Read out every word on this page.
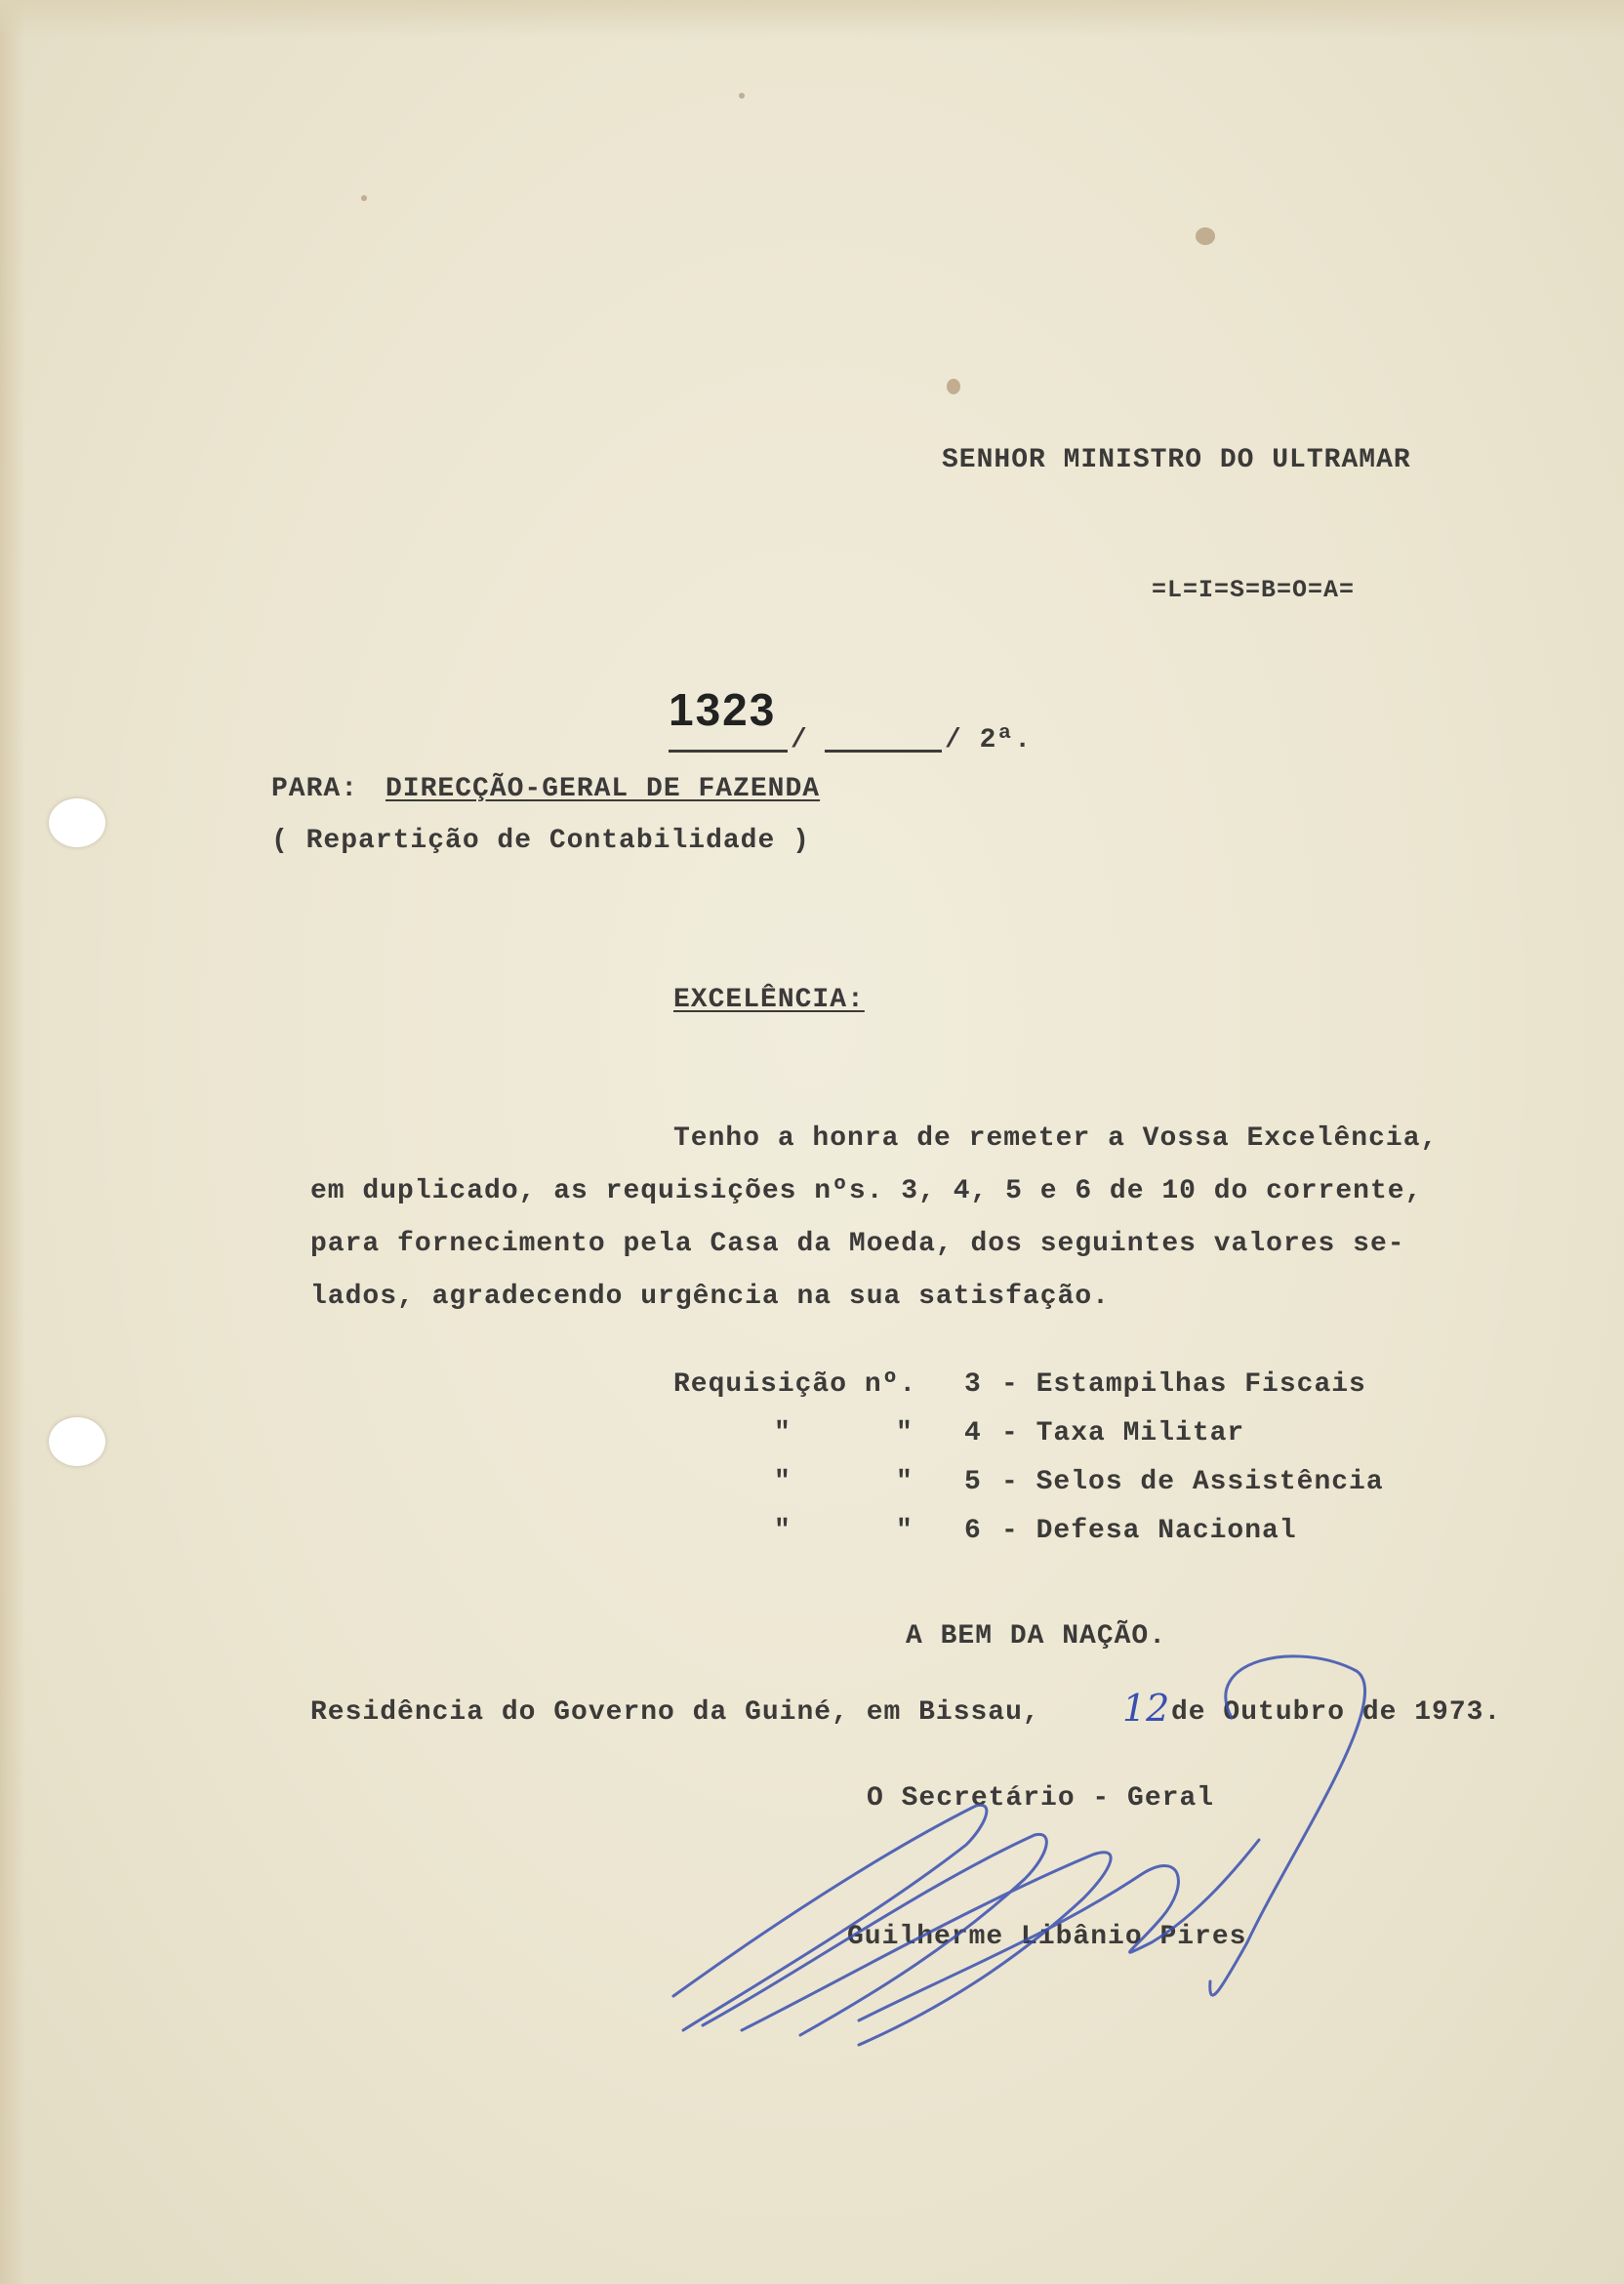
SENHOR MINISTRO DO ULTRAMAR
=L=I=S=B=O=A=
1323
/	/ 2ª.
PARA: DIRECÇÃO-GERAL DE FAZENDA
( Repartição de Contabilidade )
EXCELÊNCIA:
Tenho a honra de remeter a Vossa Excelência,
em duplicado, as requisições nºs. 3, 4, 5 e 6 de 10 do corrente,
para fornecimento pela Casa da Moeda, dos seguintes valores se-
lados, agradecendo urgência na sua satisfação.
Requisição nº. 3 - Estampilhas Fiscais
"	" 4 - Taxa Militar
"	" 5 - Selos de Assistência
"	" 6 - Defesa Nacional
A BEM DA NAÇÃO.
Residência do Governo da Guiné, em Bissau, 12 de Outubro de 1973.
O Secretário - Geral
Guilherme Libânio Pires
